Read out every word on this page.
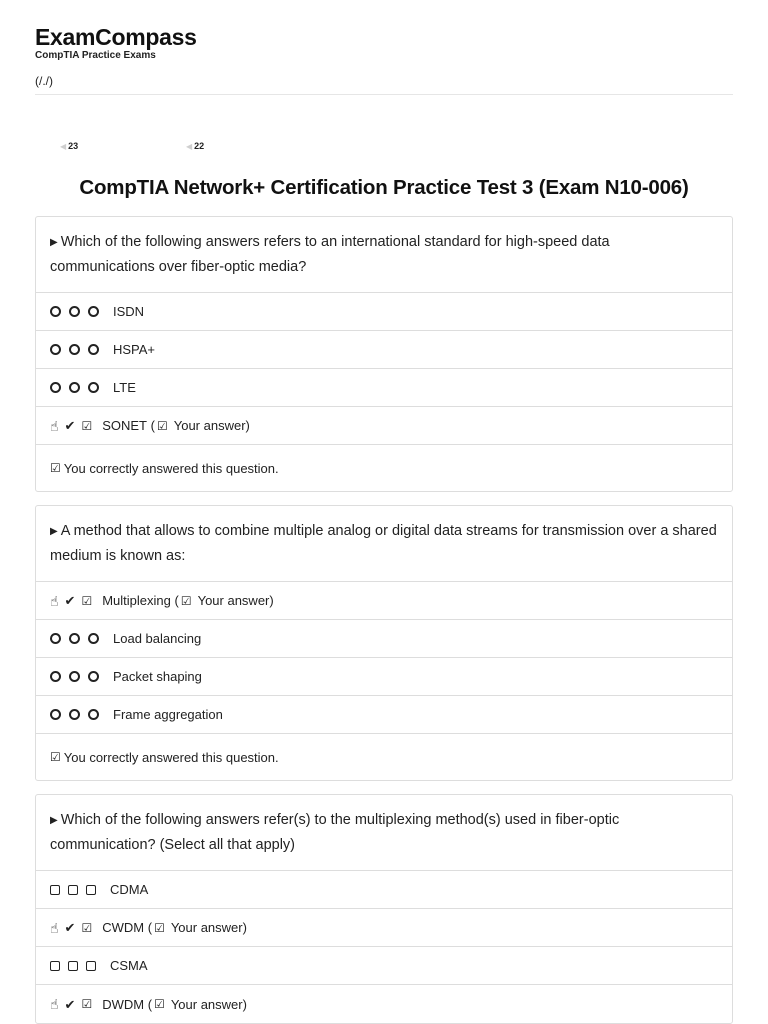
ExamCompass
CompTIA Practice Exams
(/./)
◀ 23	◀ 22
CompTIA Network+ Certification Practice Test 3 (Exam N10-006)
▶ Which of the following answers refers to an international standard for high-speed data communications over fiber-optic media?
ISDN
HSPA+
LTE
☝ ✔ ☑ SONET
( ☑ Your answer)
☑ You correctly answered this question.
▶ A method that allows to combine multiple analog or digital data streams for transmission over a shared medium is known as:
☝ ✔ ☑ Multiplexing
( ☑ Your answer)
Load balancing
Packet shaping
Frame aggregation
☑ You correctly answered this question.
▶ Which of the following answers refer(s) to the multiplexing method(s) used in fiber-optic communication? (Select all that apply)
CDMA
☝ ✔ ☑ CWDM
( ☑ Your answer)
CSMA
☝ ✔ ☑ DWDM
( ☑ Your answer)
